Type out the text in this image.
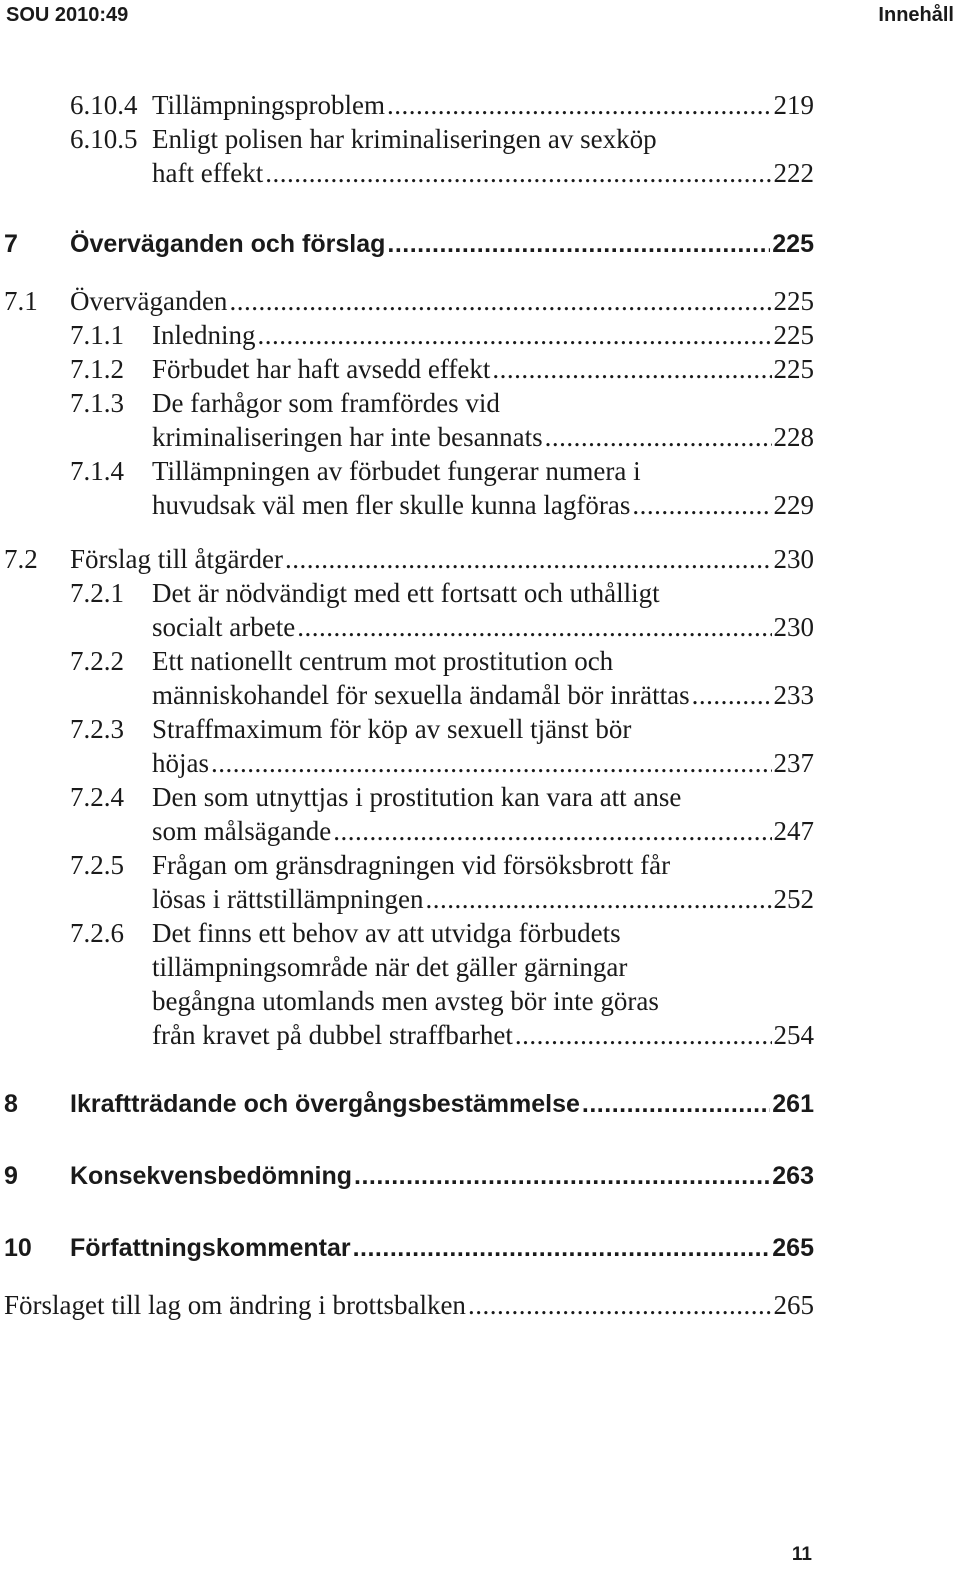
SOU 2010:49	Innehåll
6.10.4 Tillämpningsproblem .....	219
6.10.5 Enligt polisen har kriminaliseringen av sexköp
haft effekt .....	222
7 Överväganden och förslag .....	225
7.1 Överväganden .....	225
7.1.1 Inledning .....	225
7.1.2 Förbudet har haft avsedd effekt .....	225
7.1.3 De farhågor som framfördes vid
kriminaliseringen har inte besannats .....	228
7.1.4 Tillämpningen av förbudet fungerar numera i
huvudsak väl men fler skulle kunna lagföras .....	229
7.2 Förslag till åtgärder .....	230
7.2.1 Det är nödvändigt med ett fortsatt och uthålligt
socialt arbete .....	230
7.2.2 Ett nationellt centrum mot prostitution och
människohandel för sexuella ändamål bör inrättas .....	233
7.2.3 Straffmaximum för köp av sexuell tjänst bör
höjas .....	237
7.2.4 Den som utnyttjas i prostitution kan vara att anse
som målsägande .....	247
7.2.5 Frågan om gränsdragningen vid försöksbrott får
lösas i rättstillämpningen .....	252
7.2.6 Det finns ett behov av att utvidga förbudets
tillämpningsområde när det gäller gärningar
begångna utomlands men avsteg bör inte göras
från kravet på dubbel straffbarhet .....	254
8 Ikraftträdande och övergångsbestämmelse .....	261
9 Konsekvensbedömning .....	263
10 Författningskommentar .....	265
Förslaget till lag om ändring i brottsbalken .....	265
11
